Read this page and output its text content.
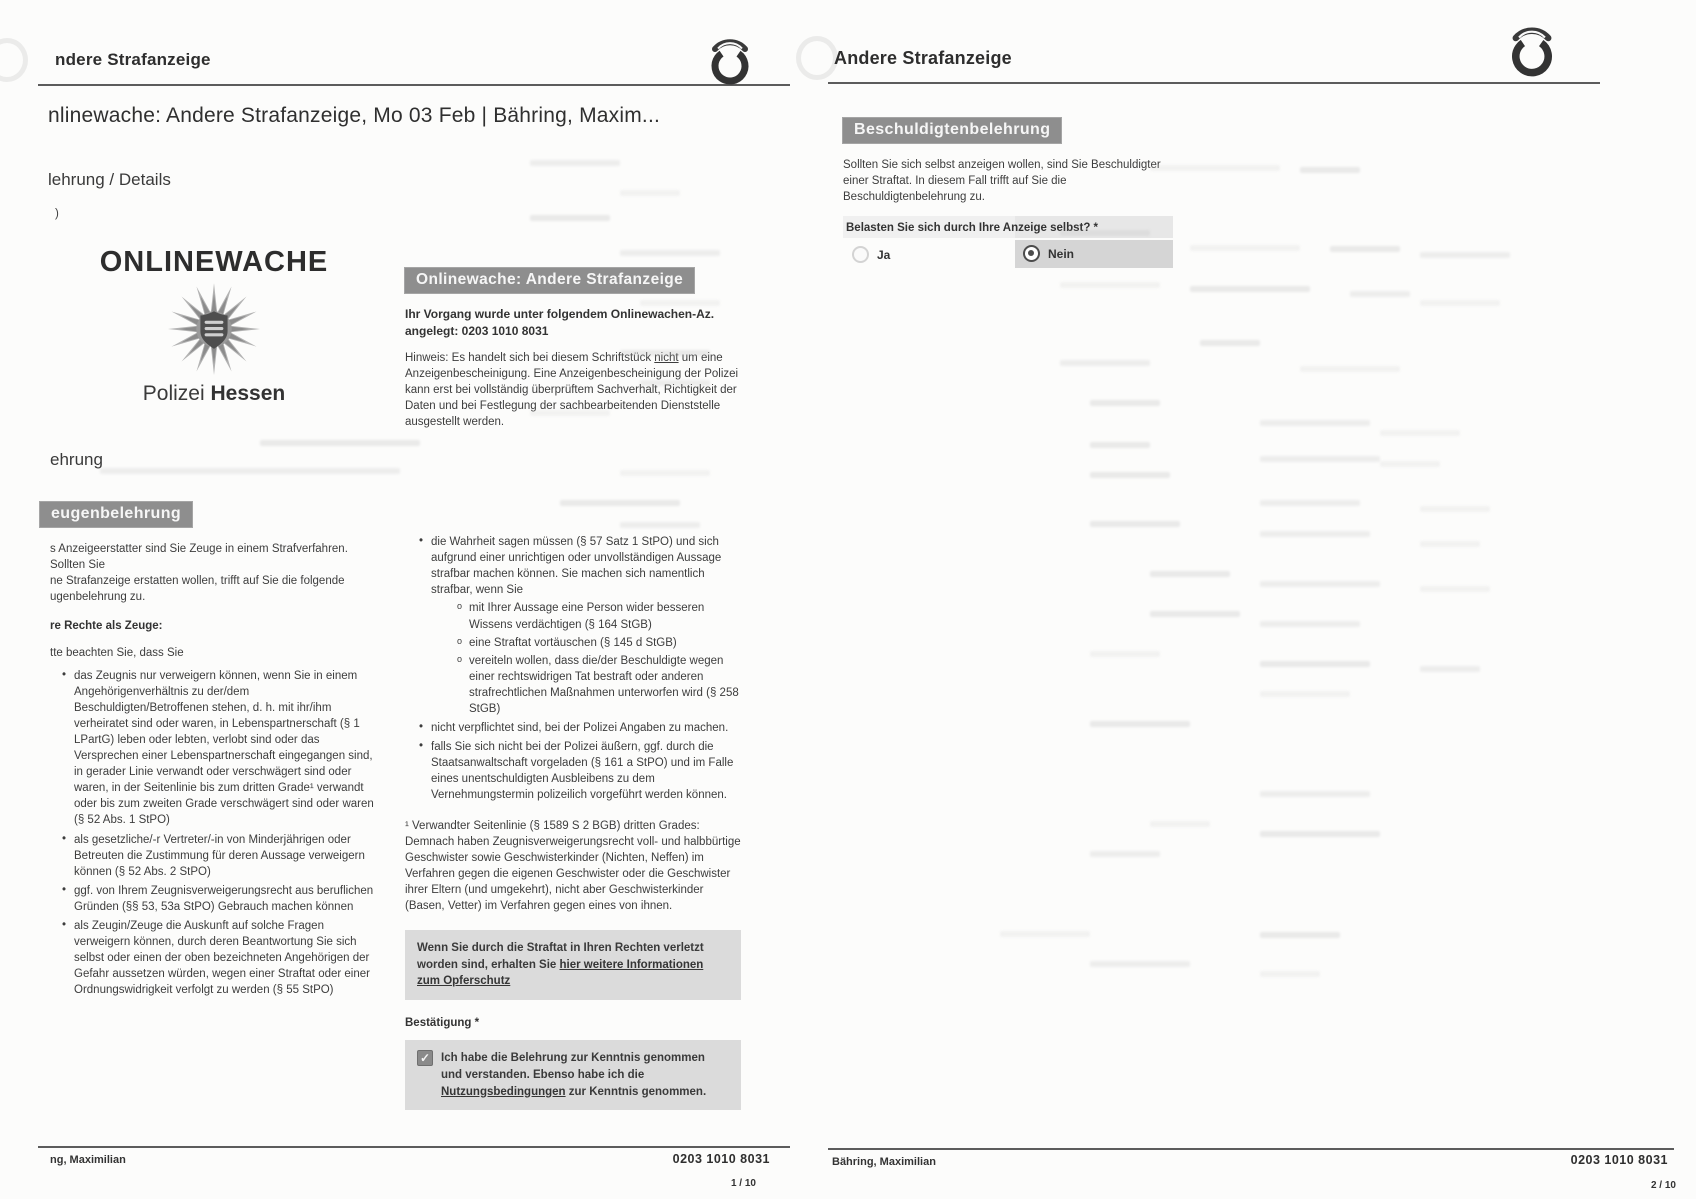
ndere Strafanzeige
nlinewache: Andere Strafanzeige, Mo 03 Feb | Bähring, Maxim...
lehrung / Details
)
ONLINEWACHE
Polizei Hessen
ehrung
eugenbelehrung
s Anzeigeerstatter sind Sie Zeuge in einem Strafverfahren. Sollten Sie
ne Strafanzeige erstatten wollen, trifft auf Sie die folgende
ugenbelehrung zu.
re Rechte als Zeuge:
tte beachten Sie, dass Sie
• das Zeugnis nur verweigern können, wenn Sie in einem Angehörigenverhältnis zu der/dem Beschuldigten/Betroffenen stehen, d. h. mit ihr/ihm verheiratet sind oder waren, in Lebenspartnerschaft (§ 1 LPartG) leben oder lebten, verlobt sind oder das Versprechen einer Lebenspartnerschaft eingegangen sind, in gerader Linie verwandt oder verschwägert sind oder waren, in der Seitenlinie bis zum dritten Grade¹ verwandt oder bis zum zweiten Grade verschwägert sind oder waren (§ 52 Abs. 1 StPO)
• als gesetzliche/-r Vertreter/-in von Minderjährigen oder Betreuten die Zustimmung für deren Aussage verweigern können (§ 52 Abs. 2 StPO)
• ggf. von Ihrem Zeugnisverweigerungsrecht aus beruflichen Gründen (§§ 53, 53a StPO) Gebrauch machen können
• als Zeugin/Zeuge die Auskunft auf solche Fragen verweigern können, durch deren Beantwortung Sie sich selbst oder einen der oben bezeichneten Angehörigen der Gefahr aussetzen würden, wegen einer Straftat oder einer Ordnungswidrigkeit verfolgt zu werden (§ 55 StPO)
Onlinewache: Andere Strafanzeige
Ihr Vorgang wurde unter folgendem Onlinewachen-Az. angelegt: 0203 1010 8031
Hinweis: Es handelt sich bei diesem Schriftstück nicht um eine Anzeigenbescheinigung. Eine Anzeigenbescheinigung der Polizei kann erst bei vollständig überprüftem Sachverhalt, Richtigkeit der Daten und bei Festlegung der sachbearbeitenden Dienststelle ausgestellt werden.
• die Wahrheit sagen müssen (§ 57 Satz 1 StPO) und sich aufgrund einer unrichtigen oder unvollständigen Aussage strafbar machen können. Sie machen sich namentlich strafbar, wenn Sie
o mit Ihrer Aussage eine Person wider besseren Wissens verdächtigen (§ 164 StGB)
o eine Straftat vortäuschen (§ 145 d StGB)
o vereiteln wollen, dass die/der Beschuldigte wegen einer rechtswidrigen Tat bestraft oder anderen strafrechtlichen Maßnahmen unterworfen wird (§ 258 StGB)
• nicht verpflichtet sind, bei der Polizei Angaben zu machen.
• falls Sie sich nicht bei der Polizei äußern, ggf. durch die Staatsanwaltschaft vorgeladen (§ 161 a StPO) und im Falle eines unentschuldigten Ausbleibens zu dem Vernehmungstermin polizeilich vorgeführt werden können.
¹ Verwandter Seitenlinie (§ 1589 S 2 BGB) dritten Grades: Demnach haben Zeugnisverweigerungsrecht voll- und halbbürtige Geschwister sowie Geschwisterkinder (Nichten, Neffen) im Verfahren gegen die eigenen Geschwister oder die Geschwister ihrer Eltern (und umgekehrt), nicht aber Geschwisterkinder (Basen, Vetter) im Verfahren gegen eines von ihnen.
Wenn Sie durch die Straftat in Ihren Rechten verletzt worden sind, erhalten Sie hier weitere Informationen zum Opferschutz
Bestätigung *
✓ Ich habe die Belehrung zur Kenntnis genommen und verstanden. Ebenso habe ich die Nutzungsbedingungen zur Kenntnis genommen.
ng, Maximilian	0203 1010 8031
1 / 10
Andere Strafanzeige
Beschuldigtenbelehrung
Sollten Sie sich selbst anzeigen wollen, sind Sie Beschuldigter einer Straftat. In diesem Fall trifft auf Sie die Beschuldigtenbelehrung zu.
Belasten Sie sich durch Ihre Anzeige selbst? *
Ja	Nein
Bähring, Maximilian	0203 1010 8031
2 / 10
